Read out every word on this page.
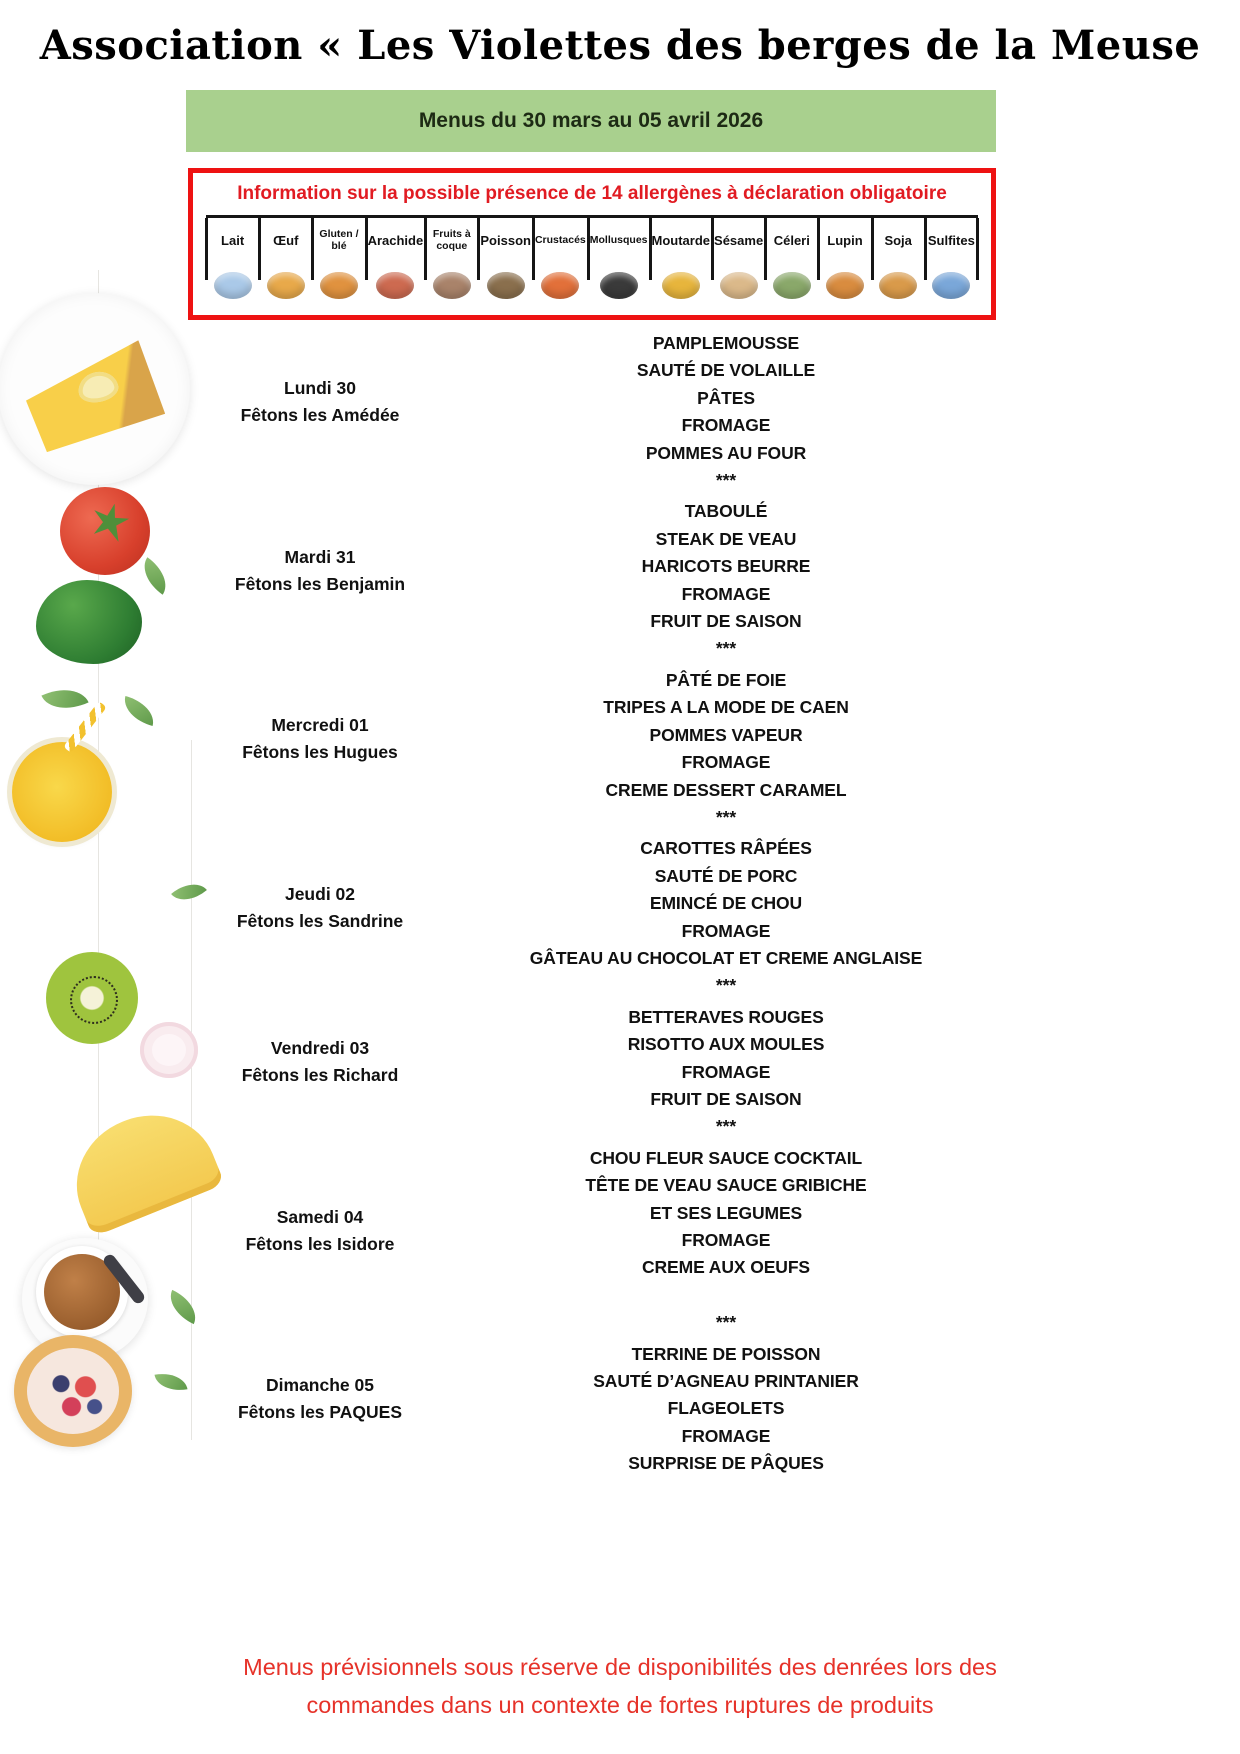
Association « Les Violettes des berges de la Meuse
Menus du 30 mars au 05 avril 2026
Information sur la possible présence de 14 allergènes à déclaration obligatoire
Lait Œuf	Gluten / blé	Arachide Fruits à coque	Poisson Crustacés Mollusques Moutarde Sésame Céleri Lupin Soja Sulfites
Lundi 30
Fêtons les Amédée
PAMPLEMOUSSE
SAUTÉ DE VOLAILLE
PÂTES
FROMAGE
POMMES AU FOUR
***
Mardi 31
Fêtons les Benjamin
TABOULÉ
STEAK DE VEAU
HARICOTS BEURRE
FROMAGE
FRUIT DE SAISON
***
Mercredi 01
Fêtons les Hugues
PÂTÉ DE FOIE
TRIPES A LA MODE DE CAEN
POMMES VAPEUR
FROMAGE
CREME DESSERT CARAMEL
***
Jeudi 02
Fêtons les Sandrine
CAROTTES RÂPÉES
SAUTÉ DE PORC
EMINCÉ DE CHOU
FROMAGE
GÂTEAU AU CHOCOLAT ET CREME ANGLAISE
***
Vendredi 03
Fêtons les Richard
BETTERAVES ROUGES
RISOTTO AUX MOULES
FROMAGE
FRUIT DE SAISON
***
Samedi 04
Fêtons les Isidore
CHOU FLEUR SAUCE COCKTAIL
TÊTE DE VEAU SAUCE GRIBICHE
ET SES LEGUMES
FROMAGE
CREME AUX OEUFS
***
Dimanche 05
Fêtons les PAQUES
TERRINE DE POISSON
SAUTÉ D’AGNEAU PRINTANIER
FLAGEOLETS
FROMAGE
SURPRISE DE PÂQUES
Menus prévisionnels sous réserve de disponibilités des denrées lors des commandes dans un contexte de fortes ruptures de produits
